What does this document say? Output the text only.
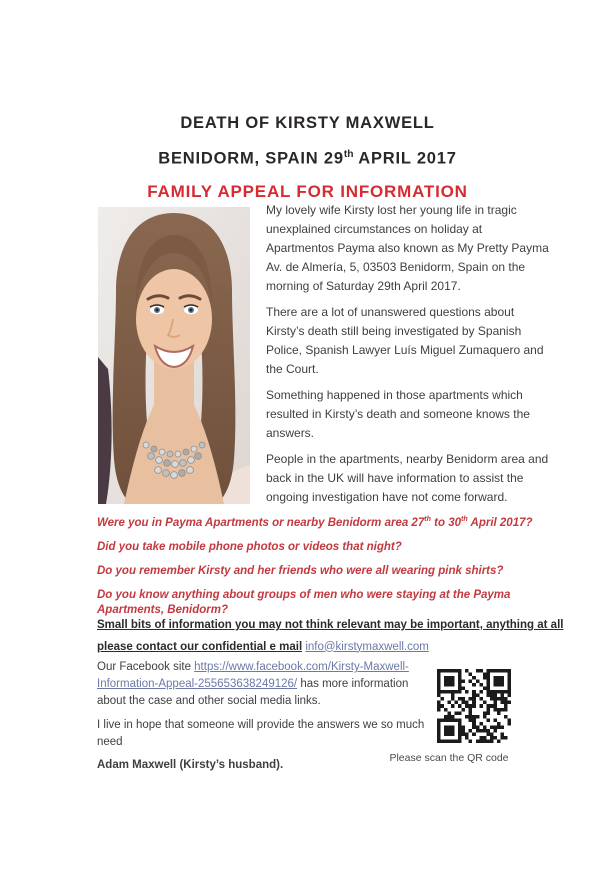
DEATH OF KIRSTY MAXWELL
BENIDORM, SPAIN 29th APRIL 2017
FAMILY APPEAL FOR INFORMATION

My lovely wife Kirsty lost her young life in tragic unexplained circumstances on holiday at Apartmentos Payma also known as My Pretty Payma Av. de Almería, 5, 03503 Benidorm, Spain on the morning of Saturday 29th April 2017.

There are a lot of unanswered questions about Kirsty’s death still being investigated by Spanish Police, Spanish Lawyer Luís Miguel Zumaquero and the Court.

Something happened in those apartments which resulted in Kirsty’s death and someone knows the answers.

People in the apartments, nearby Benidorm area and back in the UK will have information to assist the ongoing investigation have not come forward.

Were you in Payma Apartments or nearby Benidorm area 27th to 30th April 2017?

Did you take mobile phone photos or videos that night?

Do you remember Kirsty and her friends who were all wearing pink shirts?

Do you know anything about groups of men who were staying at the Payma Apartments, Benidorm?

Small bits of information you may not think relevant may be important, anything at all please contact our confidential e mail info@kirstymaxwell.com

Our Facebook site https://www.facebook.com/Kirsty-Maxwell-Information-Appeal-255653638249126/ has more information about the case and other social media links.

I live in hope that someone will provide the answers we so much need

Adam Maxwell (Kirsty’s husband).

Please scan the QR code
